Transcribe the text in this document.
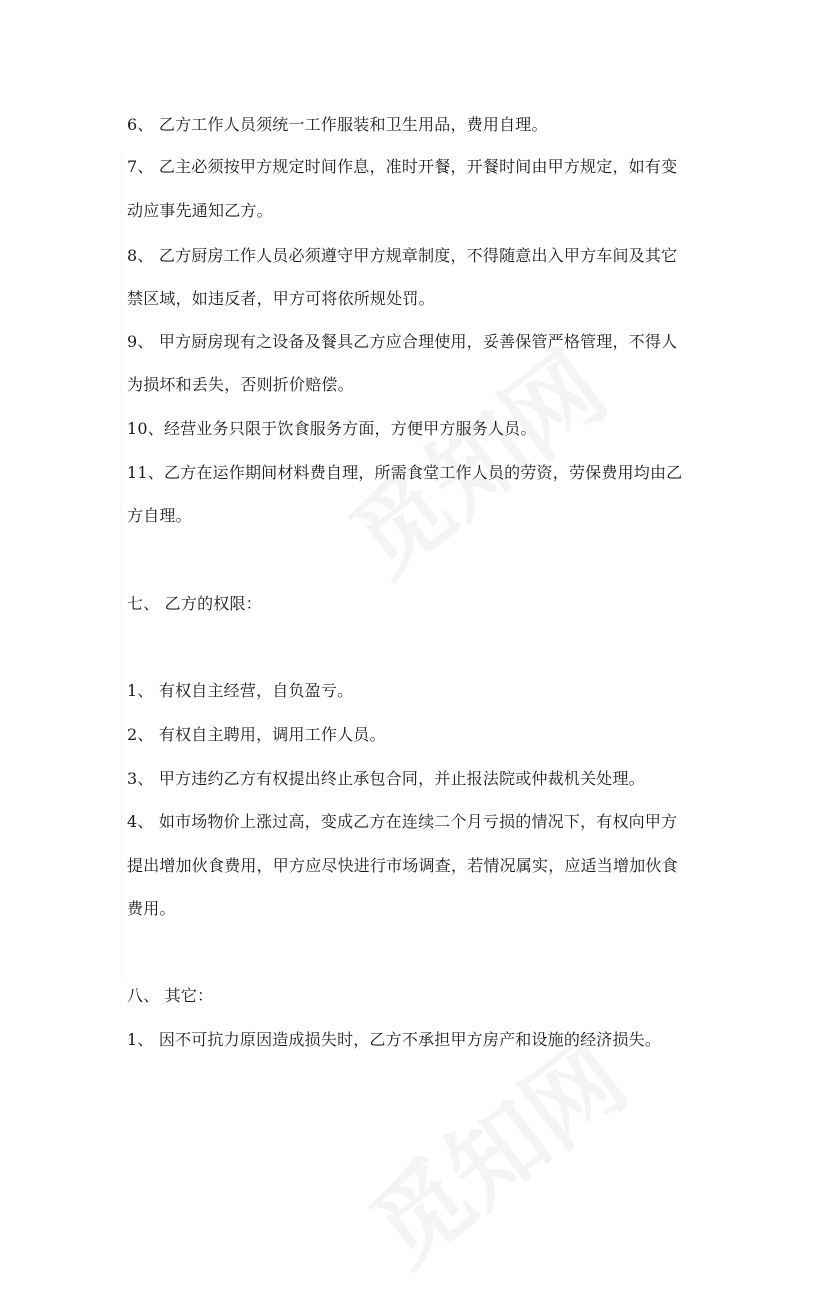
6、 乙方工作人员须统一工作服装和卫生用品，费用自理。
7、 乙主必须按甲方规定时间作息，准时开餐，开餐时间由甲方规定，如有变
动应事先通知乙方。
8、 乙方厨房工作人员必须遵守甲方规章制度，不得随意出入甲方车间及其它
禁区域，如违反者，甲方可将依所规处罚。
9、 甲方厨房现有之设备及餐具乙方应合理使用，妥善保管严格管理，不得人
为损坏和丢失，否则折价赔偿。
10、经营业务只限于饮食服务方面，方便甲方服务人员。
11、乙方在运作期间材料费自理，所需食堂工作人员的劳资，劳保费用均由乙
方自理。
七、 乙方的权限：
1、 有权自主经营，自负盈亏。
2、 有权自主聘用，调用工作人员。
3、 甲方违约乙方有权提出终止承包合同，并止报法院或仲裁机关处理。
4、 如市场物价上涨过高，变成乙方在连续二个月亏损的情况下，有权向甲方
提出增加伙食费用，甲方应尽快进行市场调查，若情况属实，应适当增加伙食
费用。
八、 其它：
1、 因不可抗力原因造成损失时，乙方不承担甲方房产和设施的经济损失。
